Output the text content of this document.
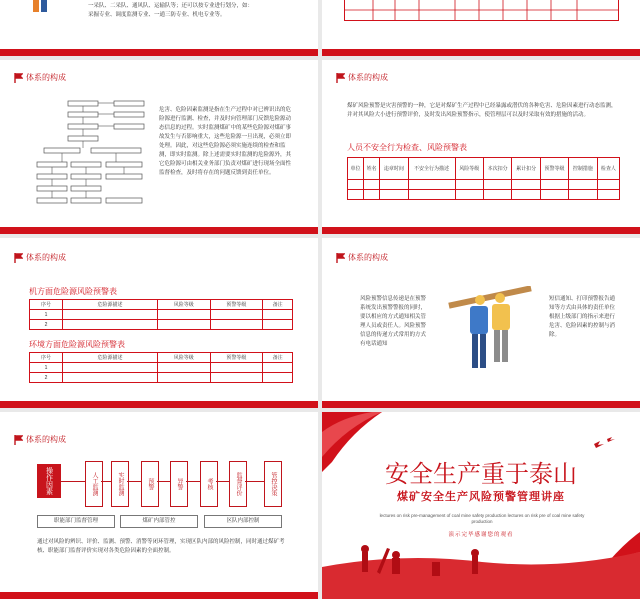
一采队、二采队、通风队、运输队等；还可以按专业进行划分，如：
采掘专业、调度监测专业、一通三防专业、机电专业等。
体系的构成
危害、危险因素监测是指在生产过程中对已辨识出的危险源进行监测、检查，并及时向管理部门反馈危险源动态信息的过程。实时监测煤矿中的某些危险源对煤矿事故发生与否影响重大，这些危险源一旦出现，必须立即处理。因此，对这些危险源必须实施连续的检查和监测，即实时监测。除上述需要实时监测的危险源外，其它危险源可由相关业务部门负责对煤矿进行现场全面性监督检查，及时将存在的问题反馈到责任单位。
体系的构成
煤矿风险预警是灾害预警的一种，它是对煤矿生产过程中已经暴露或潜伏的各种危害、危险因素进行动态监测，并对其风险大小进行预警评价，及时发出风险预警指示，使管理层可以及时采取有效的措施的活动。
人员不安全行为检查、风险预警表
单位	姓名	违章时间	不安全行为描述	风险等级	本次扣分	累计扣分	预警等级	控制措施	检查人

体系的构成
机方面危险源风险预警表
序号	危险源描述	风险等级	预警等级	备注
1				
2				
环境方面危险源风险预警表
序号	危险源描述	风险等级	预警等级	备注
1				
2				
体系的构成
风险预警信息传递是在预警系统发出预警警报的同时，要以相应的方式通知相关管理人员或责任人。风险预警信息的传递方式常用的方式有电话通知
短信通知、打印预警报告通知等方式由具体的责任单位根据上级部门的指示来进行危害、危险因素的控制与消除。
体系的构成
操作因素	人工监测	实时监测	预警	异警	考核	监督评价	管控决策
职能部门监督管理	煤矿内部管控	区队内部控制
通过对风险的辨识、评价、监测、预警、消警等闭环管理，实现区队内部的风险控制，同时通过煤矿考核、职能部门监督评价实现对各类危险因素的全面控制。
安全生产重于泰山
煤矿安全生产风险预警管理讲座
lectures on risk pre-management of coal mine safety production lectures on risk pre of coal mine safety production
演示完毕感谢您的观看
